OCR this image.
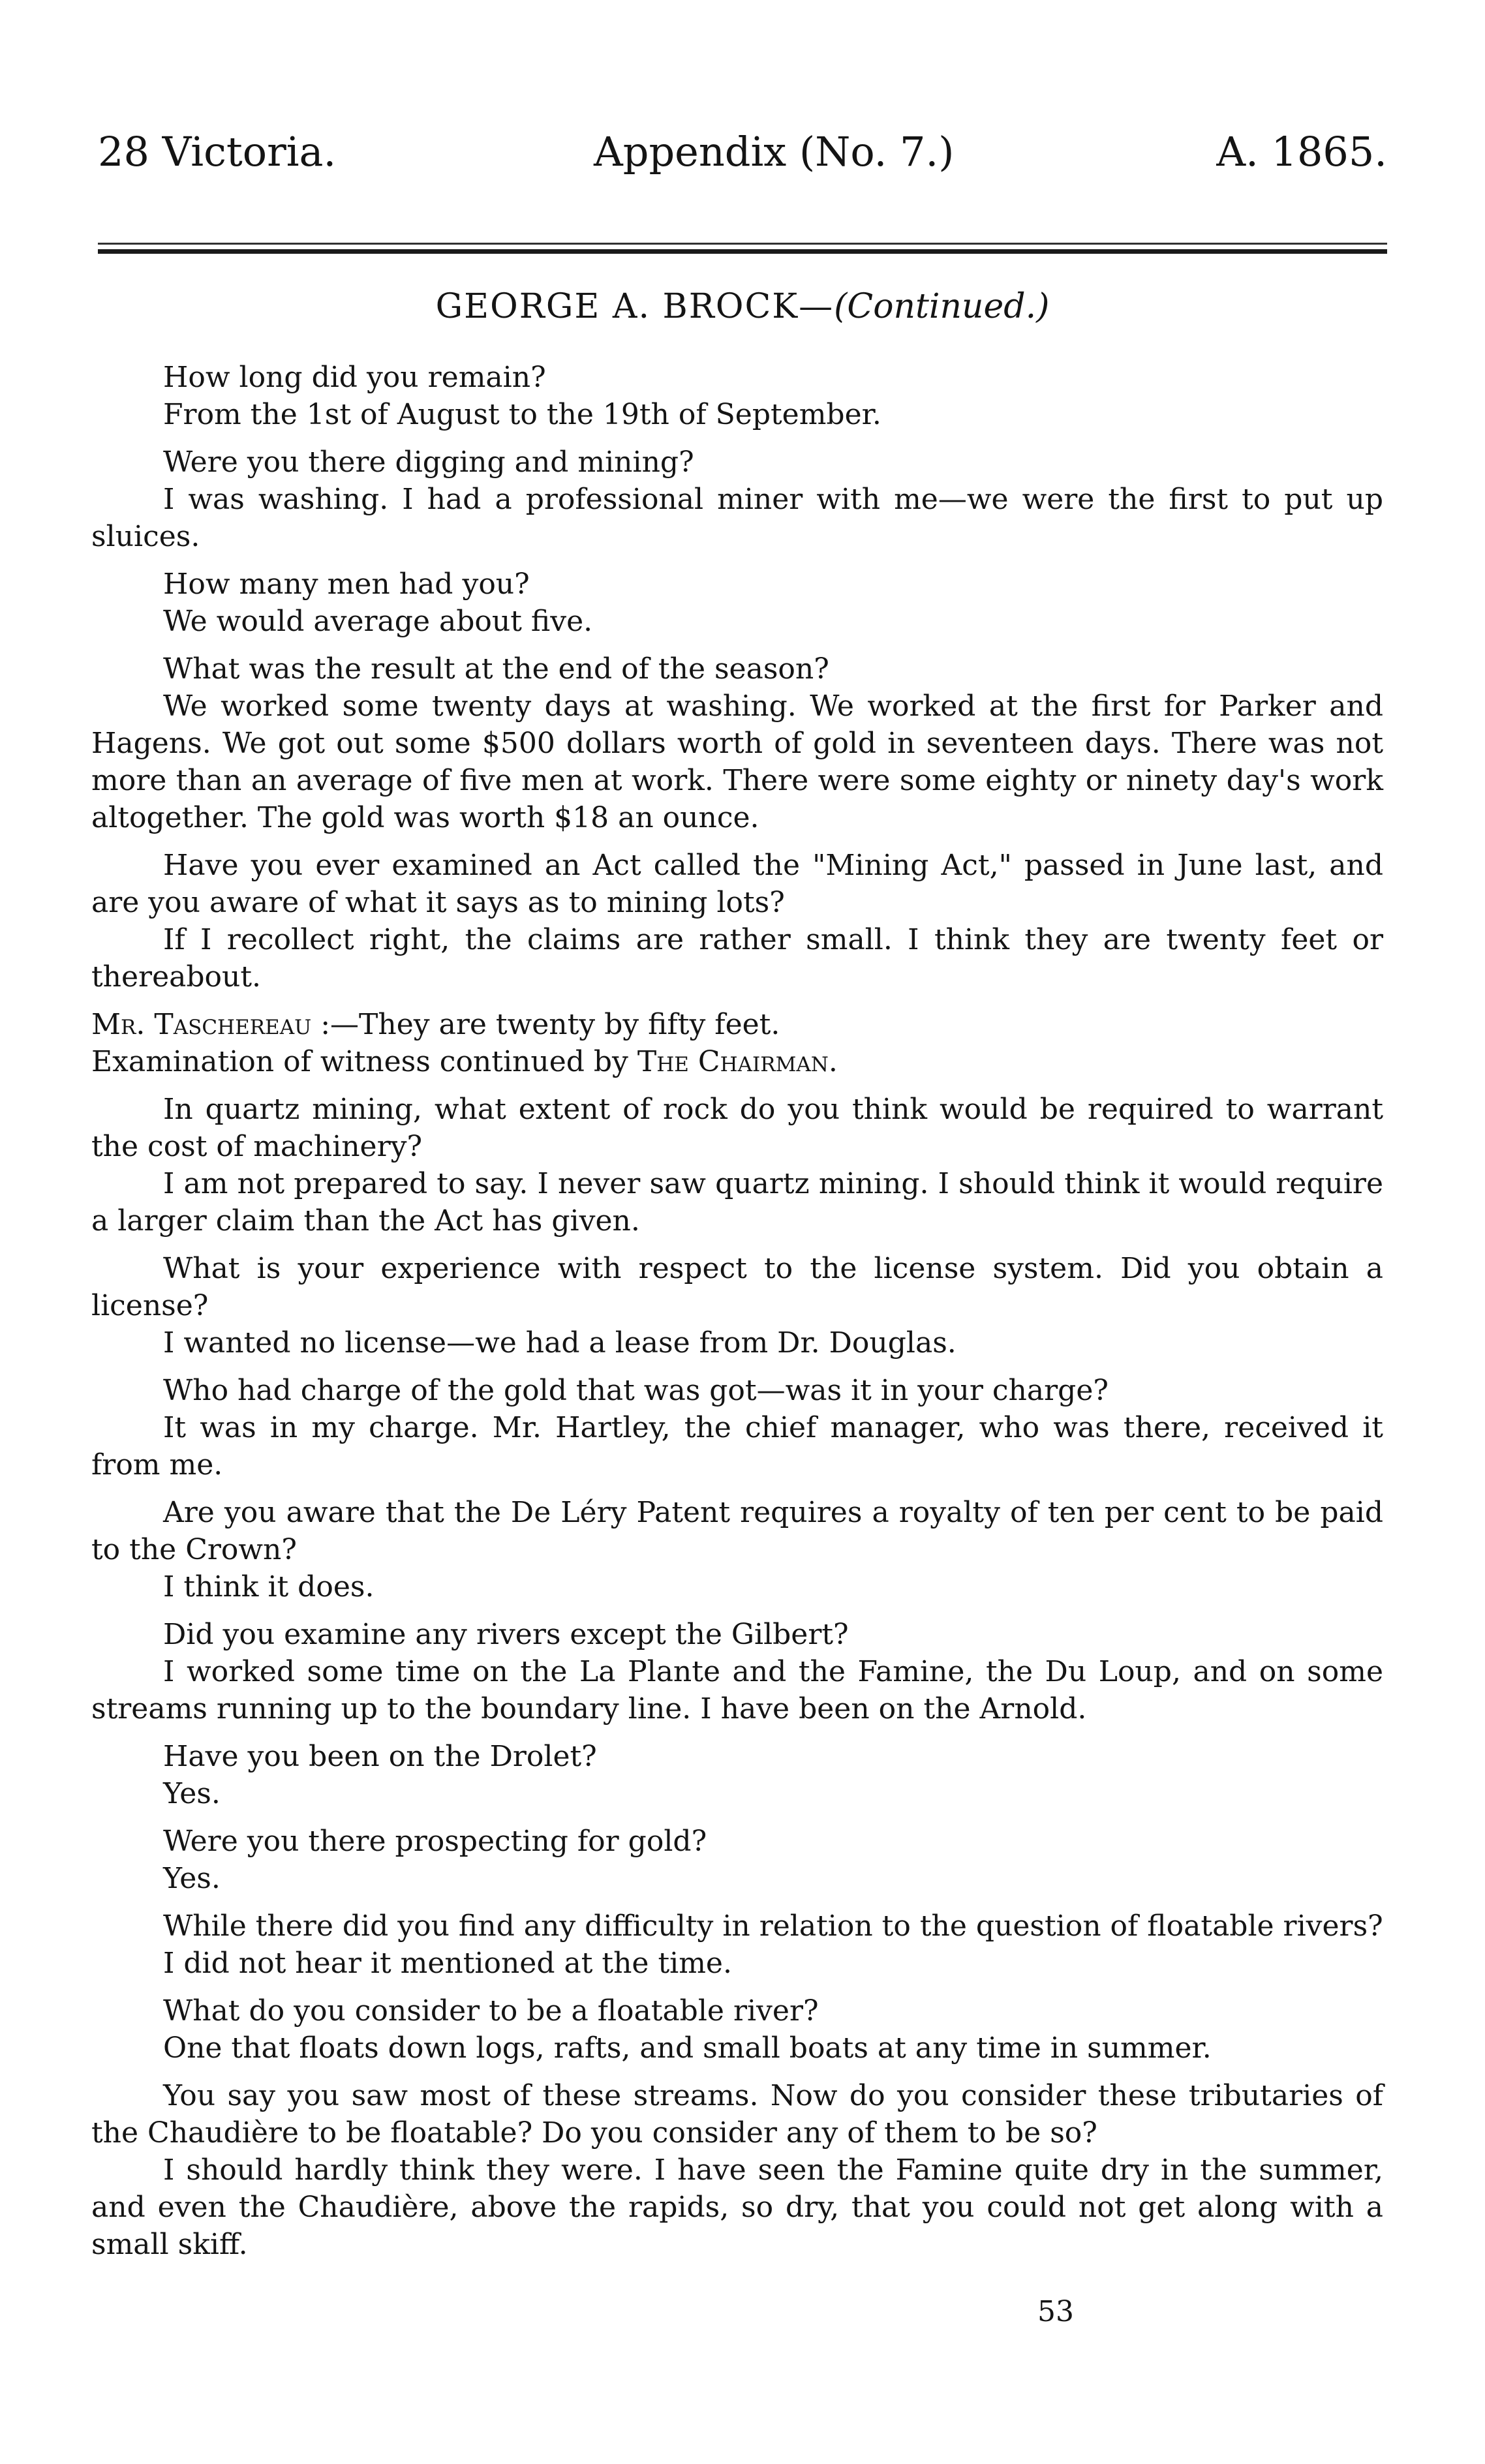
28 Victoria.	Appendix (No. 7.)	A. 1865.
GEORGE A. BROCK—(Continued.)

How long did you remain?

From the 1st of August to the 19th of September.

Were you there digging and mining?

I was washing. I had a professional miner with me—we were the first to put up sluices.

How many men had you?

We would average about five.

What was the result at the end of the season?

We worked some twenty days at washing. We worked at the first for Parker and Hagens. We got out some $500 dollars worth of gold in seventeen days. There was not more than an average of five men at work. There were some eighty or ninety day's work altogether. The gold was worth $18 an ounce.

Have you ever examined an Act called the "Mining Act," passed in June last, and are you aware of what it says as to mining lots?

If I recollect right, the claims are rather small. I think they are twenty feet or thereabout.

Mr. Taschereau :—They are twenty by fifty feet.

Examination of witness continued by The Chairman.

In quartz mining, what extent of rock do you think would be required to warrant the cost of machinery?

I am not prepared to say. I never saw quartz mining. I should think it would require a larger claim than the Act has given.

What is your experience with respect to the license system. Did you obtain a license?

I wanted no license—we had a lease from Dr. Douglas.

Who had charge of the gold that was got—was it in your charge?

It was in my charge. Mr. Hartley, the chief manager, who was there, received it from me.

Are you aware that the De Léry Patent requires a royalty of ten per cent to be paid to the Crown?

I think it does.

Did you examine any rivers except the Gilbert?

I worked some time on the La Plante and the Famine, the Du Loup, and on some streams running up to the boundary line. I have been on the Arnold.

Have you been on the Drolet?

Yes.

Were you there prospecting for gold?

Yes.

While there did you find any difficulty in relation to the question of floatable rivers?

I did not hear it mentioned at the time.

What do you consider to be a floatable river?

One that floats down logs, rafts, and small boats at any time in summer.

You say you saw most of these streams. Now do you consider these tributaries of the Chaudière to be floatable? Do you consider any of them to be so?

I should hardly think they were. I have seen the Famine quite dry in the summer, and even the Chaudière, above the rapids, so dry, that you could not get along with a small skiff.

53
